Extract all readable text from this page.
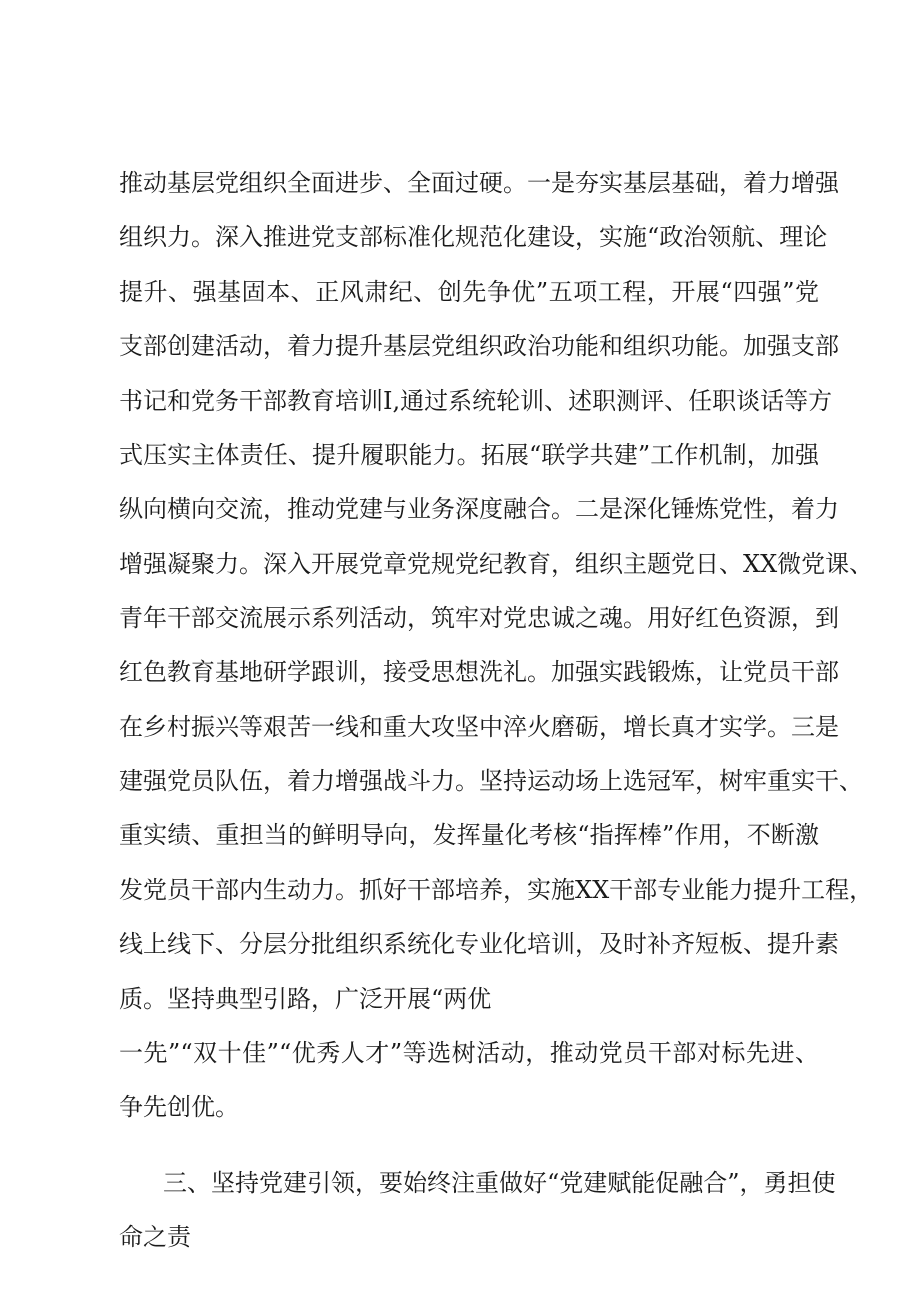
推动基层党组织全面进步、全面过硬。一是夯实基层基础，着力增强
组织力。深入推进党支部标准化规范化建设，实施“政治领航、理论
提升、强基固本、正风肃纪、创先争优”五项工程，开展“四强”党
支部创建活动，着力提升基层党组织政治功能和组织功能。加强支部
书记和党务干部教育培训I,通过系统轮训、述职测评、任职谈话等方
式压实主体责任、提升履职能力。拓展“联学共建”工作机制，加强
纵向横向交流，推动党建与业务深度融合。二是深化锤炼党性，着力
增强凝聚力。深入开展党章党规党纪教育，组织主题党日、XX微党课、
青年干部交流展示系列活动，筑牢对党忠诚之魂。用好红色资源，到
红色教育基地研学跟训，接受思想洗礼。加强实践锻炼，让党员干部
在乡村振兴等艰苦一线和重大攻坚中淬火磨砺，增长真才实学。三是
建强党员队伍，着力增强战斗力。坚持运动场上选冠军，树牢重实干、
重实绩、重担当的鲜明导向，发挥量化考核“指挥棒”作用，不断激
发党员干部内生动力。抓好干部培养，实施XX干部专业能力提升工程，
线上线下、分层分批组织系统化专业化培训，及时补齐短板、提升素
质。坚持典型引路，广泛开展“两优
一先”“双十佳”“优秀人才”等选树活动，推动党员干部对标先进、
争先创优。
三、坚持党建引领，要始终注重做好“党建赋能促融合”，勇担使
命之责
